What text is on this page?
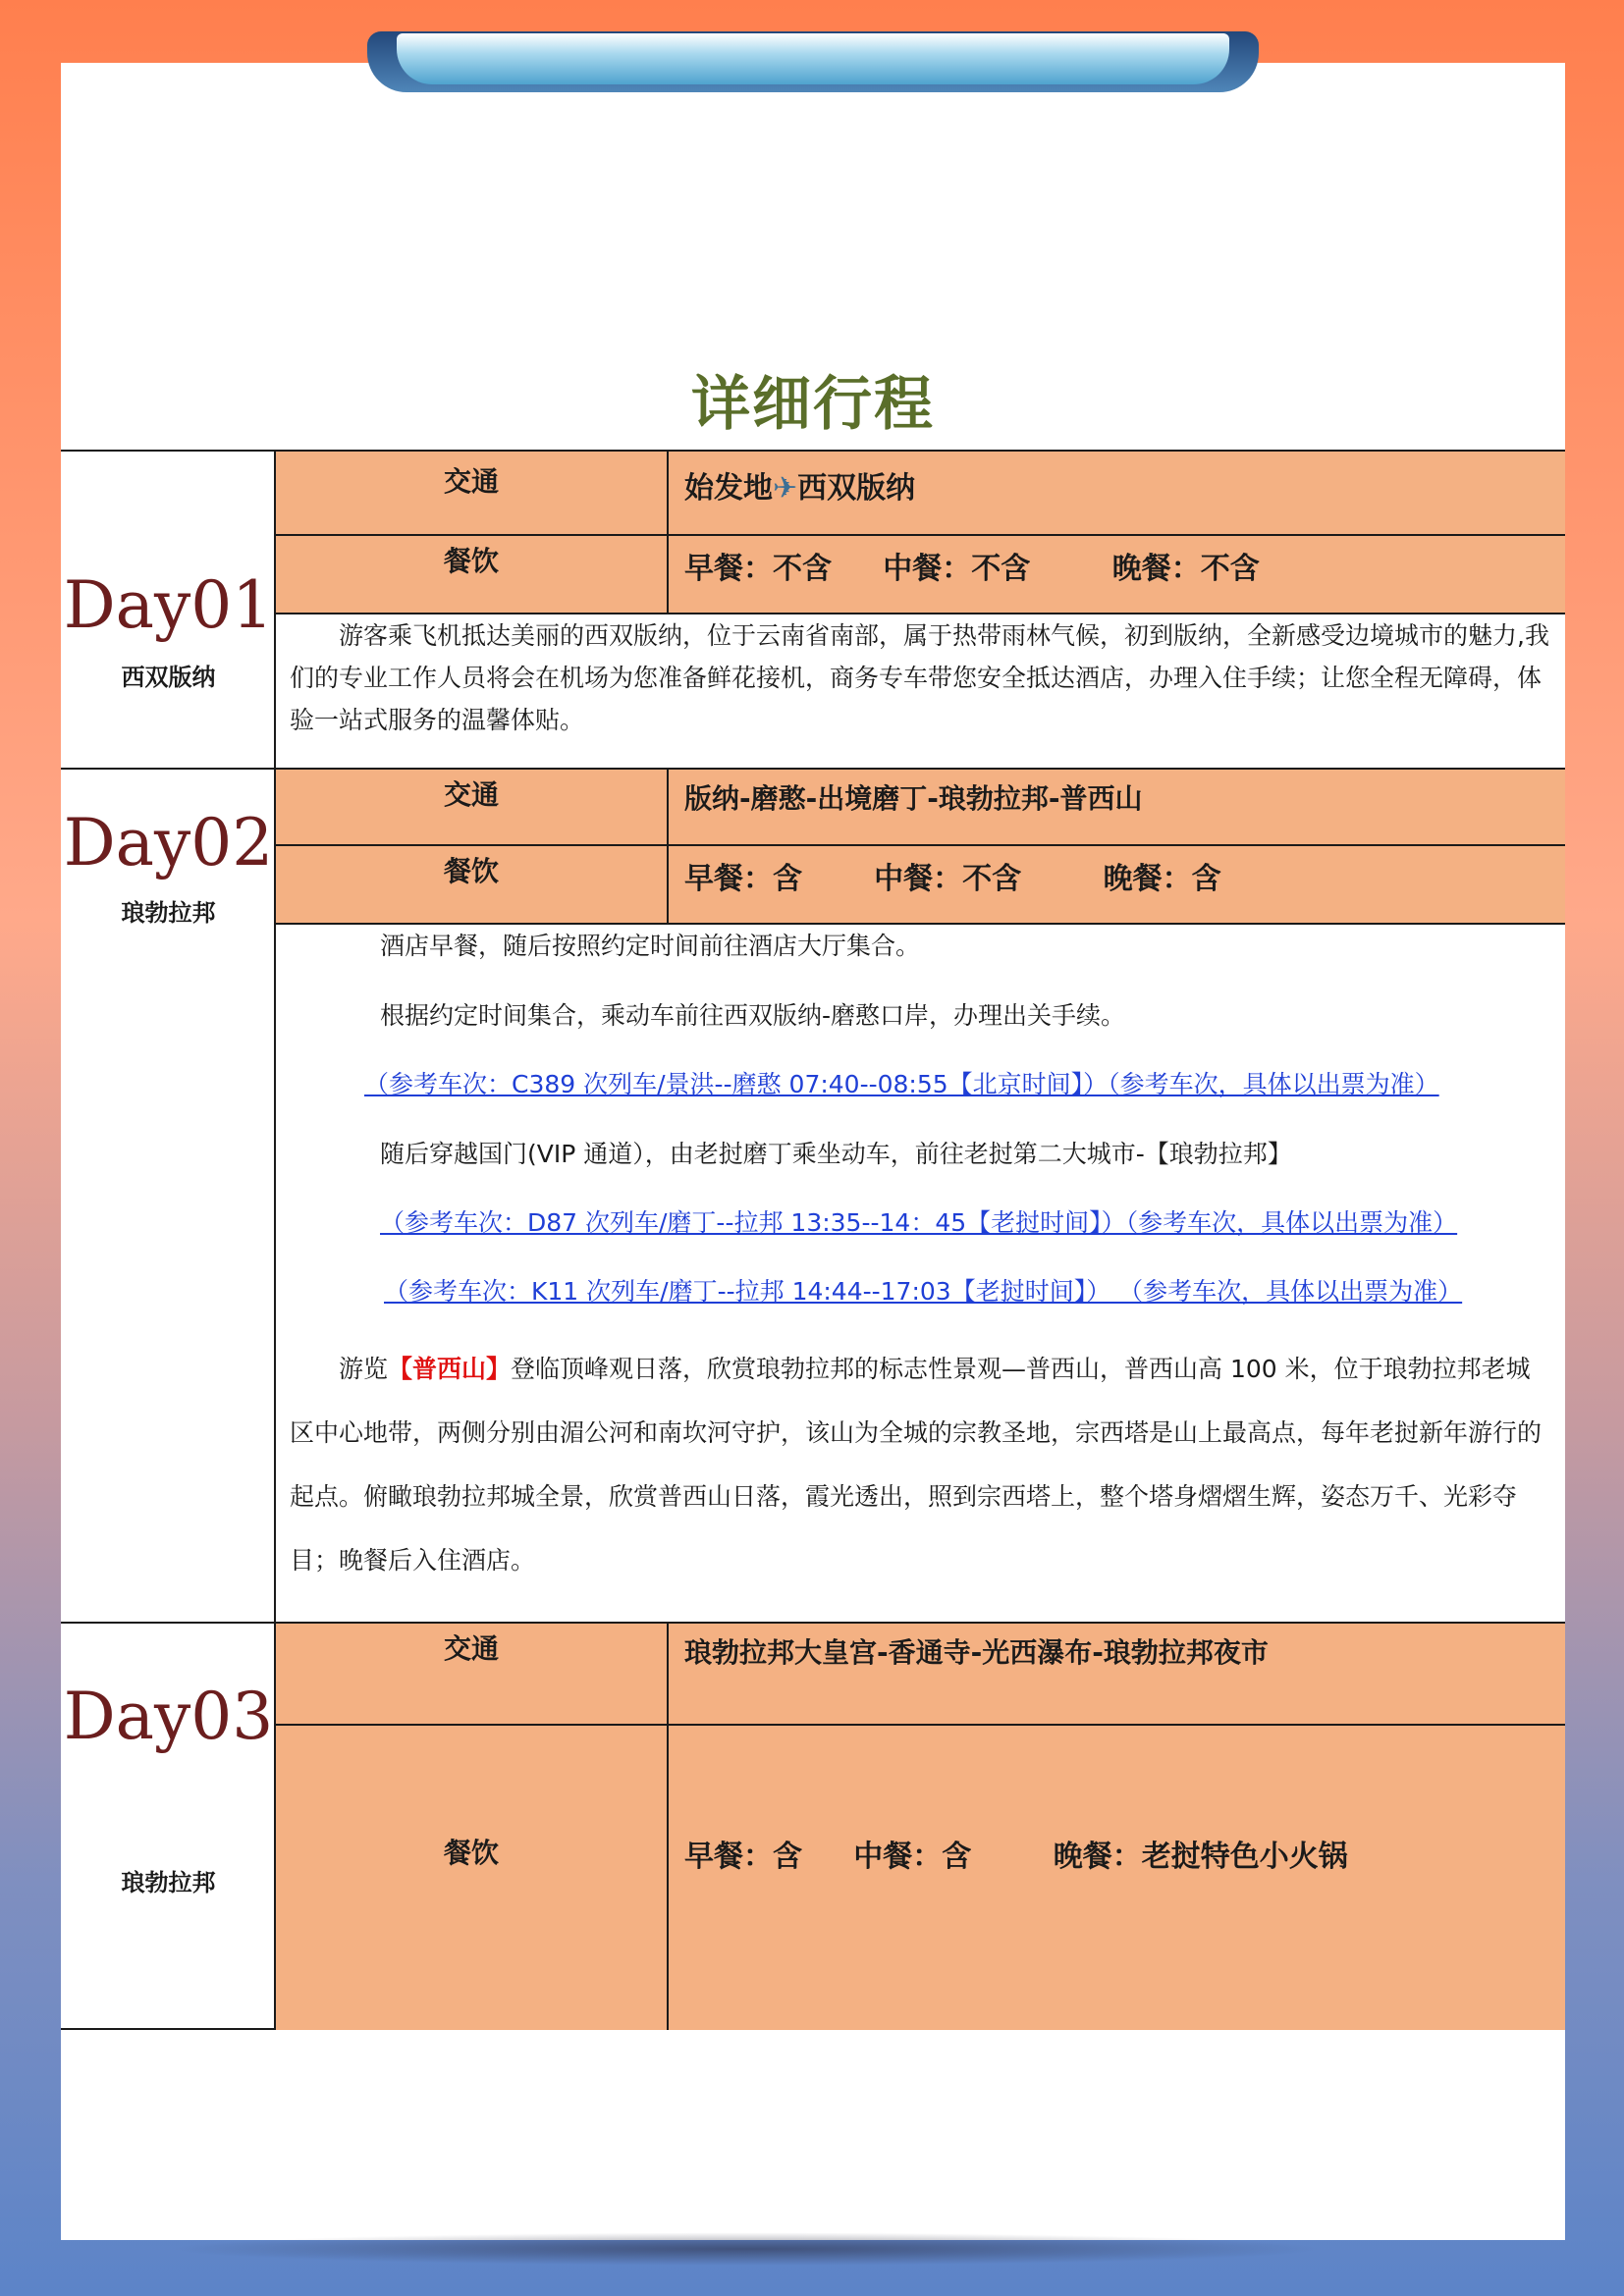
详细行程
Day01
西双版纳
交通	始发地✈西双版纳
餐饮	早餐：不含     中餐：不含        晚餐：不含

游客乘飞机抵达美丽的西双版纳，位于云南省南部，属于热带雨林气候，初到版纳，全新感受边境城市的魅力,我们的专业工作人员将会在机场为您准备鲜花接机，商务专车带您安全抵达酒店，办理入住手续；让您全程无障碍，体验一站式服务的温馨体贴。

Day02
琅勃拉邦
交通	版纳-磨憨-出境磨丁-琅勃拉邦-普西山
餐饮	早餐：含       中餐：不含        晚餐：含

酒店早餐，随后按照约定时间前往酒店大厅集合。

根据约定时间集合，乘动车前往西双版纳-磨憨口岸，办理出关手续。

（参考车次：C389 次列车/景洪--磨憨 07:40--08:55【北京时间】）（参考车次，具体以出票为准）

随后穿越国门(VIP 通道），由老挝磨丁乘坐动车，前往老挝第二大城市-【琅勃拉邦】

（参考车次：D87 次列车/磨丁--拉邦 13:35--14：45【老挝时间】）（参考车次，具体以出票为准）

（参考车次：K11 次列车/磨丁--拉邦 14:44--17:03【老挝时间】） （参考车次，具体以出票为准）

游览【普西山】登临顶峰观日落，欣赏琅勃拉邦的标志性景观—普西山，普西山高 100 米，位于琅勃拉邦老城区中心地带，两侧分别由湄公河和南坎河守护，该山为全城的宗教圣地，宗西塔是山上最高点，每年老挝新年游行的起点。俯瞰琅勃拉邦城全景，欣赏普西山日落，霞光透出，照到宗西塔上，整个塔身熠熠生辉，姿态万千、光彩夺目；晚餐后入住酒店。

Day03
琅勃拉邦
交通	琅勃拉邦大皇宫-香通寺-光西瀑布-琅勃拉邦夜市
餐饮	早餐：含     中餐：含        晚餐：老挝特色小火锅
